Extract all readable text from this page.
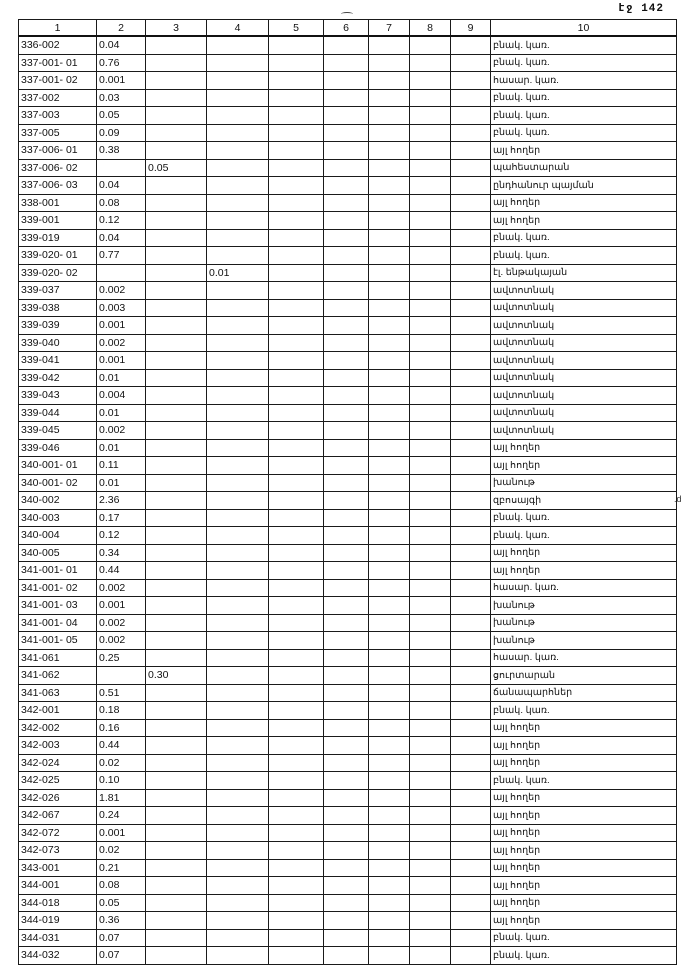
էջ 142
.d
1	2	3	4	5	6	7	8	9	10
336-002	0.04								բնակ. կառ.
337-001- 01	0.76								բնակ. կառ.
337-001- 02	0.001								հասար. կառ.
337-002	0.03								բնակ. կառ.
337-003	0.05								բնակ. կառ.
337-005	0.09								բնակ. կառ.
337-006- 01	0.38								այլ հողեր
337-006- 02		0.05							պահեստարան
337-006- 03	0.04								ընդհանուր պայման
338-001	0.08								այլ հողեր
339-001	0.12								այլ հողեր
339-019	0.04								բնակ. կառ.
339-020- 01	0.77								բնակ. կառ.
339-020- 02			0.01						էլ. ենթակայան
339-037	0.002								ավտոտնակ
339-038	0.003								ավտոտնակ
339-039	0.001								ավտոտնակ
339-040	0.002								ավտոտնակ
339-041	0.001								ավտոտնակ
339-042	0.01								ավտոտնակ
339-043	0.004								ավտոտնակ
339-044	0.01								ավտոտնակ
339-045	0.002								ավտոտնակ
339-046	0.01								այլ հողեր
340-001- 01	0.11								այլ հողեր
340-001- 02	0.01								խանութ
340-002	2.36								զբոսայգի
340-003	0.17								բնակ. կառ.
340-004	0.12								բնակ. կառ.
340-005	0.34								այլ հողեր
341-001- 01	0.44								այլ հողեր
341-001- 02	0.002								հասար. կառ.
341-001- 03	0.001								խանութ
341-001- 04	0.002								խանութ
341-001- 05	0.002								խանութ
341-061	0.25								հասար. կառ.
341-062		0.30							ցուրտարան
341-063	0.51								ճանապարհներ
342-001	0.18								բնակ. կառ.
342-002	0.16								այլ հողեր
342-003	0.44								այլ հողեր
342-024	0.02								այլ հողեր
342-025	0.10								բնակ. կառ.
342-026	1.81								այլ հողեր
342-067	0.24								այլ հողեր
342-072	0.001								այլ հողեր
342-073	0.02								այլ հողեր
343-001	0.21								այլ հողեր
344-001	0.08								այլ հողեր
344-018	0.05								այլ հողեր
344-019	0.36								այլ հողեր
344-031	0.07								բնակ. կառ.
344-032	0.07								բնակ. կառ.
